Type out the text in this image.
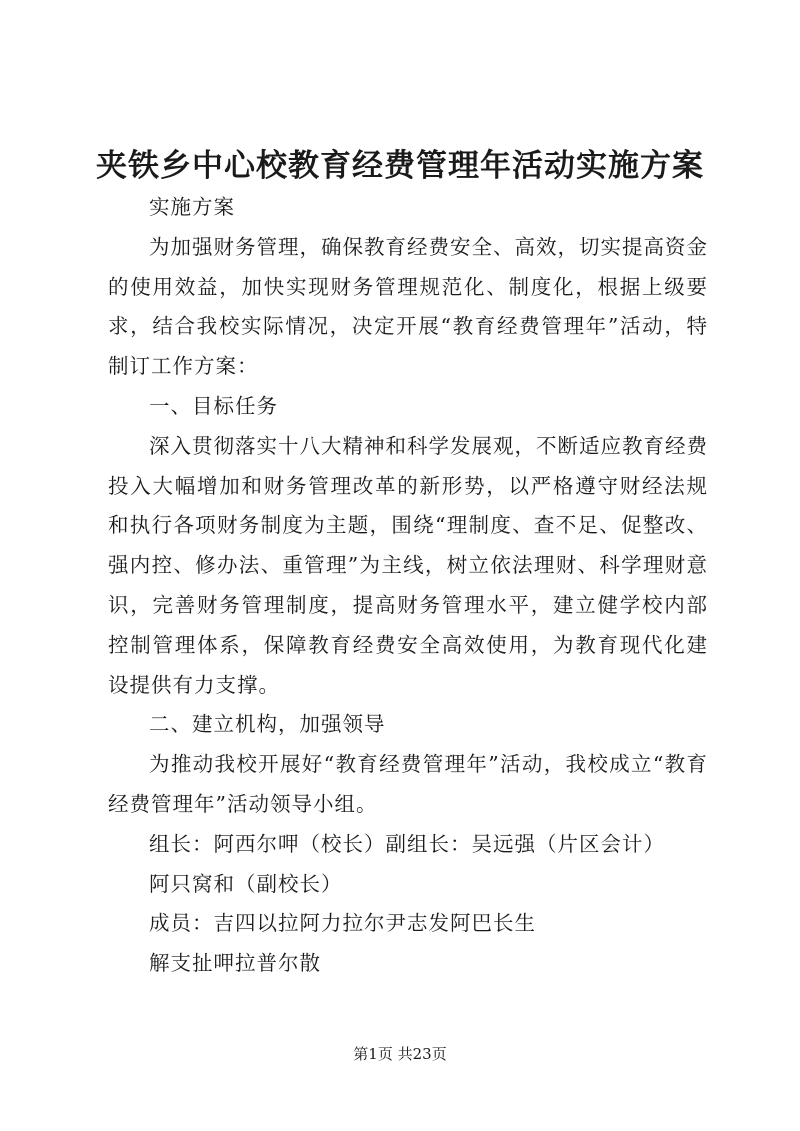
夹铁乡中心校教育经费管理年活动实施方案

实施方案

为加强财务管理，确保教育经费安全、高效，切实提高资金的使用效益，加快实现财务管理规范化、制度化，根据上级要求，结合我校实际情况，决定开展“教育经费管理年”活动，特制订工作方案：

一、目标任务

深入贯彻落实十八大精神和科学发展观，不断适应教育经费投入大幅增加和财务管理改革的新形势，以严格遵守财经法规和执行各项财务制度为主题，围绕“理制度、查不足、促整改、强内控、修办法、重管理”为主线，树立依法理财、科学理财意识，完善财务管理制度，提高财务管理水平，建立健学校内部控制管理体系，保障教育经费安全高效使用，为教育现代化建设提供有力支撑。

二、建立机构，加强领导

为推动我校开展好“教育经费管理年”活动，我校成立“教育经费管理年”活动领导小组。

组长：阿西尔呷（校长）副组长：吴远强（片区会计）

阿只窝和（副校长）

成员：吉四以拉阿力拉尔尹志发阿巴长生

解支扯呷拉普尔散

第1页 共23页
